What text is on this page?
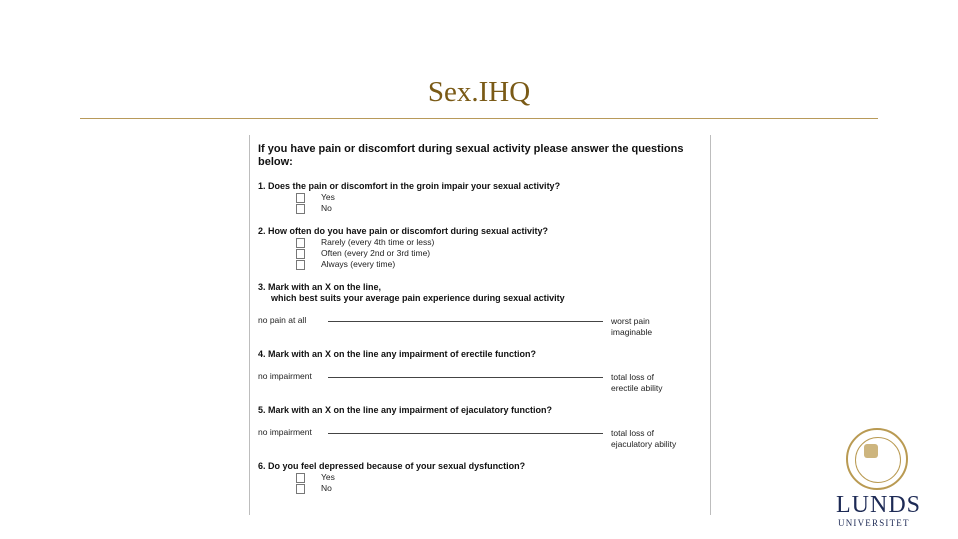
Sex.IHQ
If you have pain or discomfort during sexual activity please answer the questions below:
1. Does the pain or discomfort in the groin impair your sexual activity?
Yes
No
2. How often do you have pain or discomfort during sexual activity?
Rarely (every 4th time or less)
Often (every 2nd or 3rd time)
Always (every time)
3. Mark with an X on the line,
which best suits your average pain experience during sexual activity
no pain at all	worst pain
imaginable
4. Mark with an X on the line any impairment of erectile function?
no impairment	total loss of
erectile ability
5. Mark with an X on the line any impairment of ejaculatory function?
no impairment	total loss of
ejaculatory ability
6. Do you feel depressed because of your sexual dysfunction?
Yes
No
LUNDS
UNIVERSITET
